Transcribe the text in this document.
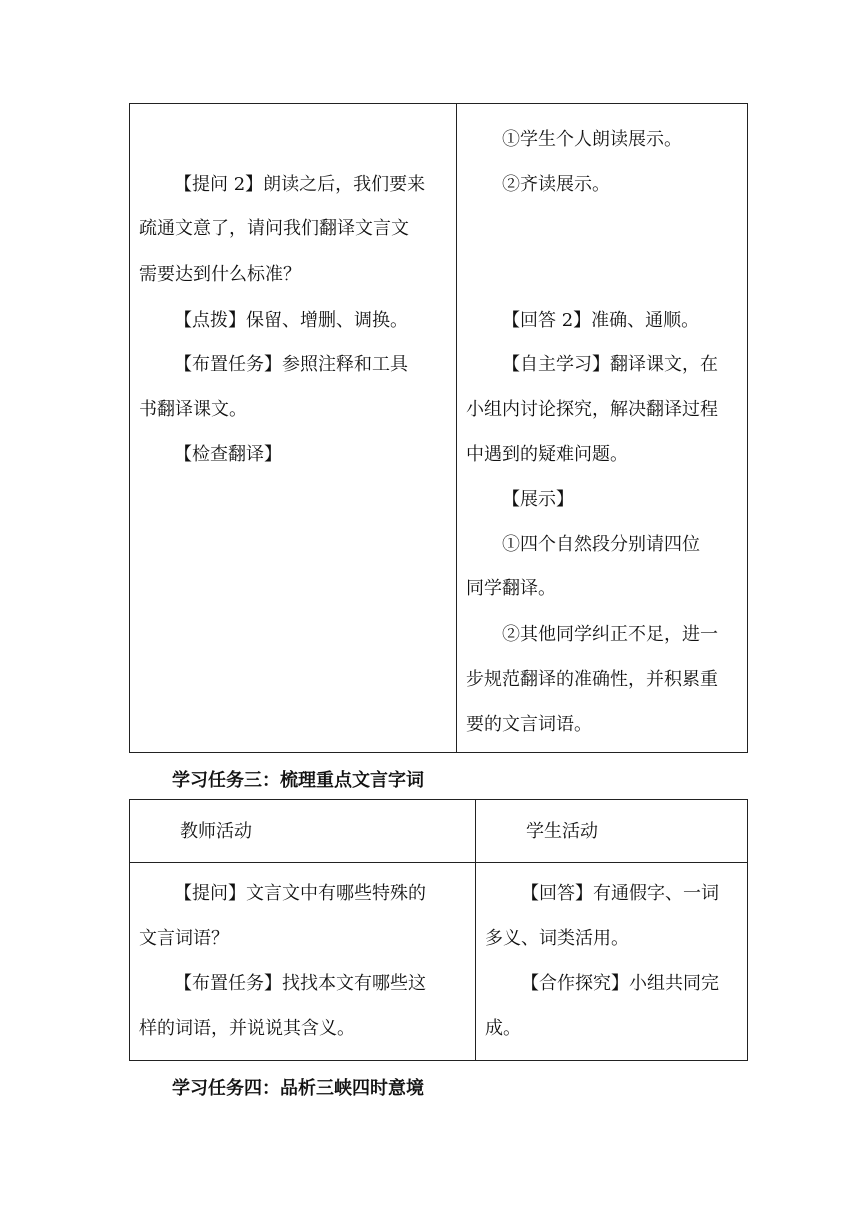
【提问 2】朗读之后，我们要来
疏通文意了，请问我们翻译文言文
需要达到什么标准？
【点拨】保留、增删、调换。
【布置任务】参照注释和工具
书翻译课文。
【检查翻译】
①学生个人朗读展示。
②齐读展示。
【回答 2】准确、通顺。
【自主学习】翻译课文，在
小组内讨论探究，解决翻译过程
中遇到的疑难问题。
【展示】
①四个自然段分别请四位
同学翻译。
②其他同学纠正不足，进一
步规范翻译的准确性，并积累重
要的文言词语。
学习任务三：梳理重点文言字词
教师活动	学生活动
【提问】文言文中有哪些特殊的
文言词语？
【布置任务】找找本文有哪些这
样的词语，并说说其含义。
【回答】有通假字、一词
多义、词类活用。
【合作探究】小组共同完
成。
学习任务四：品析三峡四时意境
